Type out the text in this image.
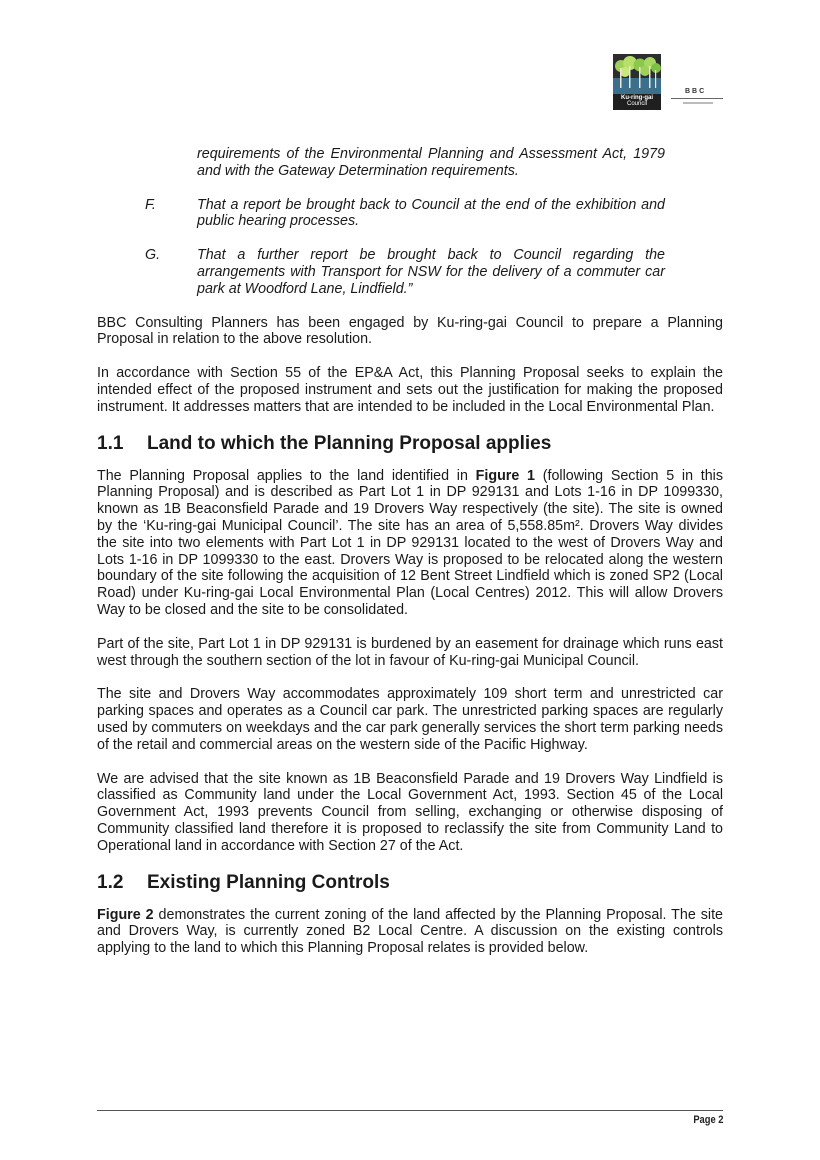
Ku-ring-gai
Council
BBC

requirements of the Environmental Planning and Assessment Act, 1979 and with the Gateway Determination requirements.

F.	That a report be brought back to Council at the end of the exhibition and public hearing processes.
G.	That a further report be brought back to Council regarding the arrangements with Transport for NSW for the delivery of a commuter car park at Woodford Lane, Lindfield.”

BBC Consulting Planners has been engaged by Ku-ring-gai Council to prepare a Planning Proposal in relation to the above resolution.

In accordance with Section 55 of the EP&A Act, this Planning Proposal seeks to explain the intended effect of the proposed instrument and sets out the justification for making the proposed instrument. It addresses matters that are intended to be included in the Local Environmental Plan.

1.1 Land to which the Planning Proposal applies

The Planning Proposal applies to the land identified in Figure 1 (following Section 5 in this Planning Proposal) and is described as Part Lot 1 in DP 929131 and Lots 1-16 in DP 1099330, known as 1B Beaconsfield Parade and 19 Drovers Way respectively (the site). The site is owned by the ‘Ku-ring-gai Municipal Council’. The site has an area of 5,558.85m². Drovers Way divides the site into two elements with Part Lot 1 in DP 929131 located to the west of Drovers Way and Lots 1-16 in DP 1099330 to the east. Drovers Way is proposed to be relocated along the western boundary of the site following the acquisition of 12 Bent Street Lindfield which is zoned SP2 (Local Road) under Ku-ring-gai Local Environmental Plan (Local Centres) 2012. This will allow Drovers Way to be closed and the site to be consolidated.

Part of the site, Part Lot 1 in DP 929131 is burdened by an easement for drainage which runs east west through the southern section of the lot in favour of Ku-ring-gai Municipal Council.

The site and Drovers Way accommodates approximately 109 short term and unrestricted car parking spaces and operates as a Council car park. The unrestricted parking spaces are regularly used by commuters on weekdays and the car park generally services the short term parking needs of the retail and commercial areas on the western side of the Pacific Highway.

We are advised that the site known as 1B Beaconsfield Parade and 19 Drovers Way Lindfield is classified as Community land under the Local Government Act, 1993. Section 45 of the Local Government Act, 1993 prevents Council from selling, exchanging or otherwise disposing of Community classified land therefore it is proposed to reclassify the site from Community Land to Operational land in accordance with Section 27 of the Act.

1.2 Existing Planning Controls

Figure 2 demonstrates the current zoning of the land affected by the Planning Proposal. The site and Drovers Way, is currently zoned B2 Local Centre. A discussion on the existing controls applying to the land to which this Planning Proposal relates is provided below.

Page 2
